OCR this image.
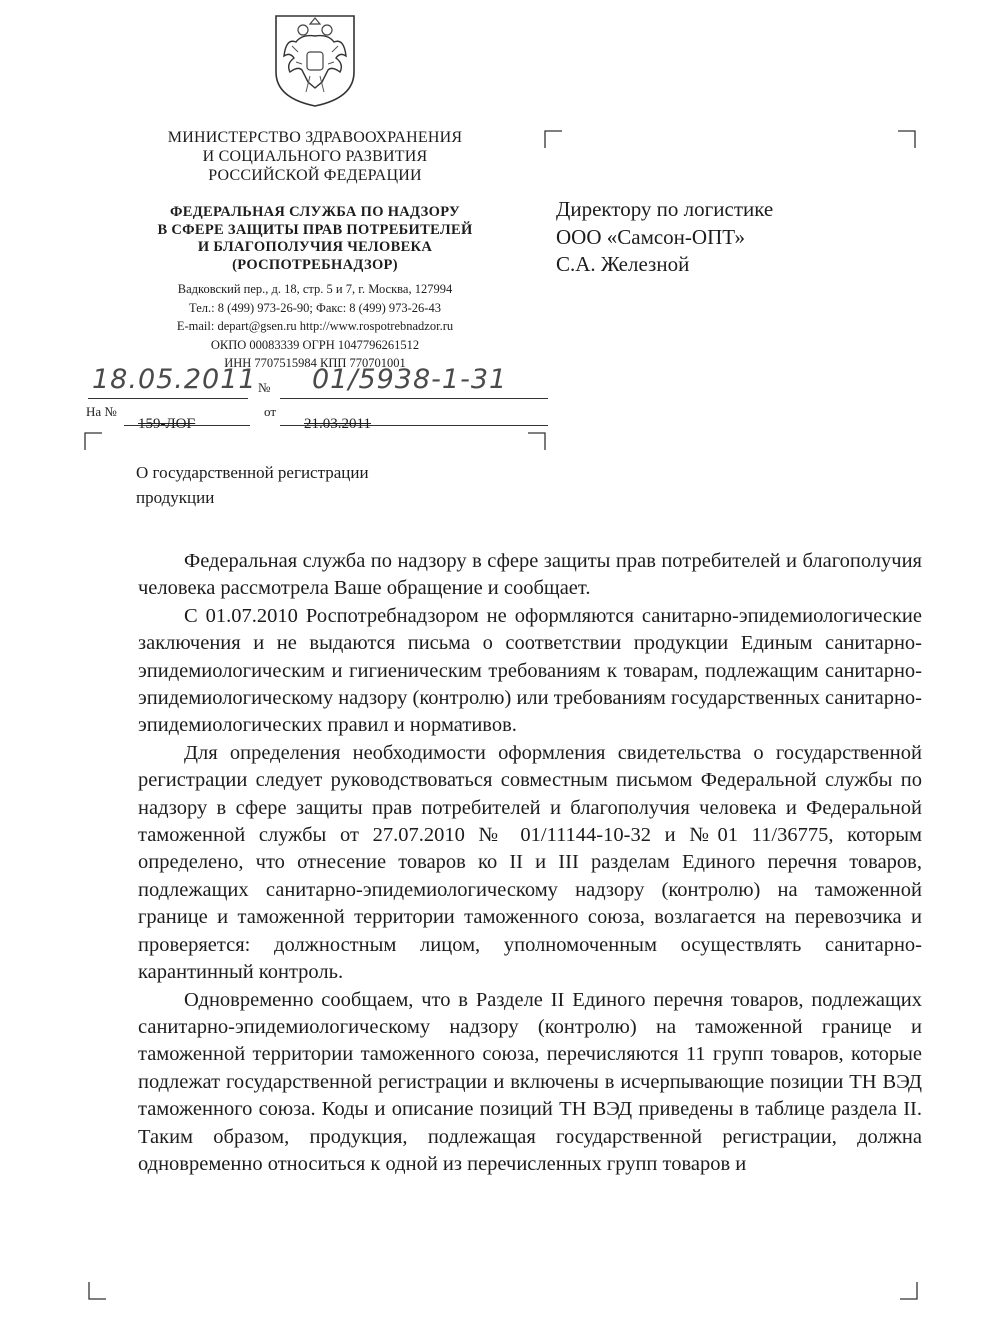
МИНИСТЕРСТВО ЗДРАВООХРАНЕНИЯ
И СОЦИАЛЬНОГО РАЗВИТИЯ
РОССИЙСКОЙ ФЕДЕРАЦИИ
ФЕДЕРАЛЬНАЯ СЛУЖБА ПО НАДЗОРУ
В СФЕРЕ ЗАЩИТЫ ПРАВ ПОТРЕБИТЕЛЕЙ
И БЛАГОПОЛУЧИЯ ЧЕЛОВЕКА
(РОСПОТРЕБНАДЗОР)
Вадковский пер., д. 18, стр. 5 и 7, г. Москва, 127994
Тел.: 8 (499) 973-26-90; Факс: 8 (499) 973-26-43
E-mail: depart@gsen.ru http://www.rospotrebnadzor.ru
ОКПО 00083339 ОГРН 1047796261512
ИНН 7707515984 КПП 770701001
18.05.2011 № 01/5938-1-31
На №
159-ЛОГ
от
21.03.2011
О государственной регистрации
продукции
Директору по логистике
ООО «Самсон-ОПТ»
С.А. Железной

Федеральная служба по надзору в сфере защиты прав потребителей и благополучия человека рассмотрела Ваше обращение и сообщает.

С 01.07.2010 Роспотребнадзором не оформляются санитарно-эпидемиологические заключения и не выдаются письма о соответствии продукции Единым санитарно-эпидемиологическим и гигиеническим требованиям к товарам, подлежащим санитарно-эпидемиологическому надзору (контролю) или требованиям государственных санитарно-эпидемиологических правил и нормативов.

Для определения необходимости оформления свидетельства о государственной регистрации следует руководствоваться совместным письмом Федеральной службы по надзору в сфере защиты прав потребителей и благополучия человека и Федеральной таможенной службы от 27.07.2010 № 01/11144-10-32 и №01 11/36775, которым определено, что отнесение товаров ко II и III разделам Единого перечня товаров, подлежащих санитарно-эпидемиологическому надзору (контролю) на таможенной границе и таможенной территории таможенного союза, возлагается на перевозчика и проверяется: должностным лицом, уполномоченным осуществлять санитарно-карантинный контроль.

Одновременно сообщаем, что в Разделе II Единого перечня товаров, подлежащих санитарно-эпидемиологическому надзору (контролю) на таможенной границе и таможенной территории таможенного союза, перечисляются 11 групп товаров, которые подлежат государственной регистрации и включены в исчерпывающие позиции ТН ВЭД таможенного союза. Коды и описание позиций ТН ВЭД приведены в таблице раздела II. Таким образом, продукция, подлежащая государственной регистрации, должна одновременно относиться к одной из перечисленных групп товаров и
